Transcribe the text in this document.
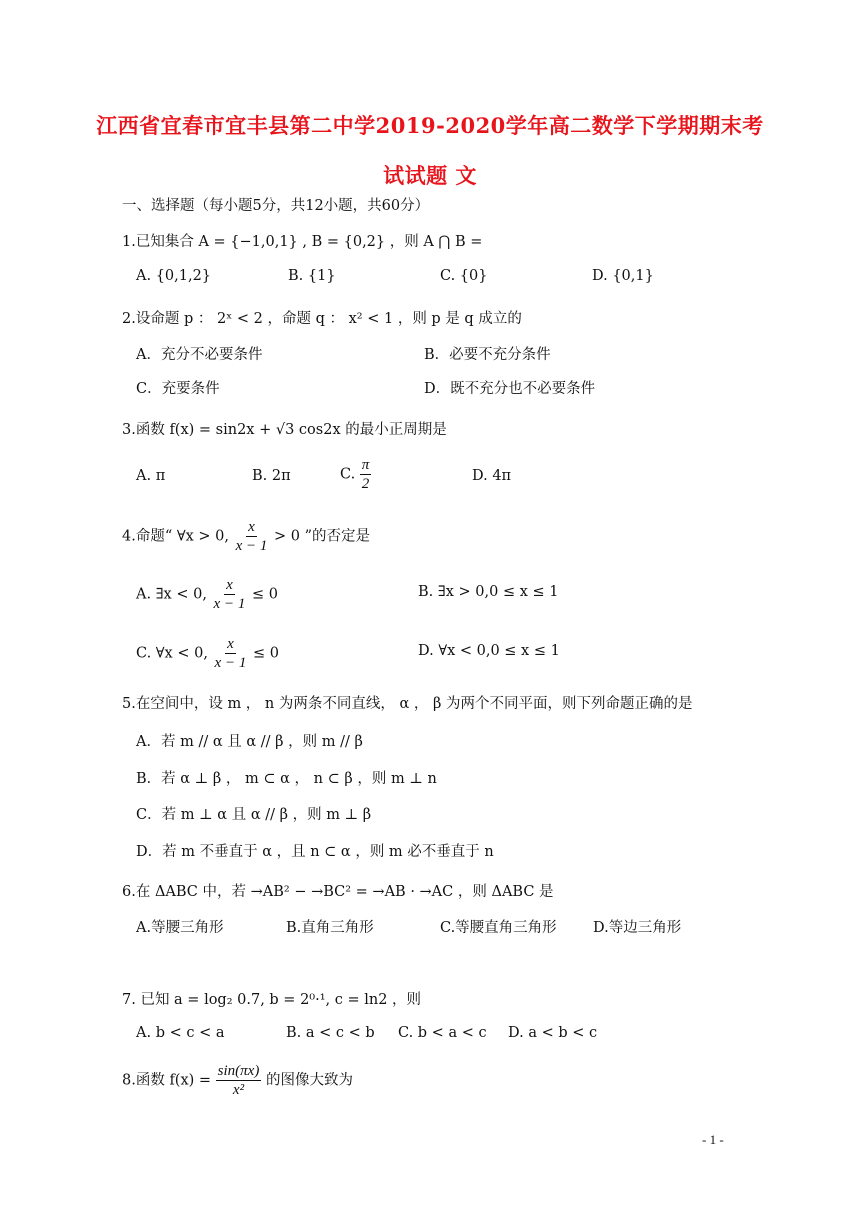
江西省宜春市宜丰县第二中学2019-2020学年高二数学下学期期末考
试试题 文
一、选择题（每小题5分，共12小题，共60分）
1.已知集合 A = {−1,0,1} , B = {0,2} ，则 A ⋂ B =
A. {0,1,2}	B. {1}	C. {0}	D. {0,1}
2.设命题 p ： 2ˣ < 2 ，命题 q ： x² < 1 ，则 p 是 q 成立的
A．充分不必要条件	B．必要不充分条件
C．充要条件	D．既不充分也不必要条件
3.函数 f(x) = sin2x + √3 cos2x 的最小正周期是
A. π	B. 2π	C. $\frac{\pi}{2}$	D. 4π
4.命题“ ∀x > 0, $\frac{x}{x - 1} > 0$ ”的否定是
A. ∃x < 0, $\frac{x}{x - 1} \le 0$	B. ∃x > 0,0 ≤ x ≤ 1
C. ∀x < 0, $\frac{x}{x - 1} \le 0$	D. ∀x < 0,0 ≤ x ≤ 1
5.在空间中，设 m ， n 为两条不同直线， α ， β 为两个不同平面，则下列命题正确的是
A．若 m // α 且 α // β ，则 m // β
B．若 α ⊥ β ， m ⊂ α ， n ⊂ β ，则 m ⊥ n
C．若 m ⊥ α 且 α // β ，则 m ⊥ β
D．若 m 不垂直于 α ，且 n ⊂ α ，则 m 必不垂直于 n
6.在 ΔABC 中，若 →AB² − →BC² = →AB · →AC ，则 ΔABC 是
A.等腰三角形	B.直角三角形	C.等腰直角三角形	D.等边三角形
7. 已知 a = log₂ 0.7, b = 2⁰·¹, c = ln2 ，则
A. b < c < a	B. a < c < b C. b < a < c D. a < b < c
8.函数 $f(x) = \frac{\sin(\pi x)}{\text{x²}}$ 的图像大致为
- 1 -
